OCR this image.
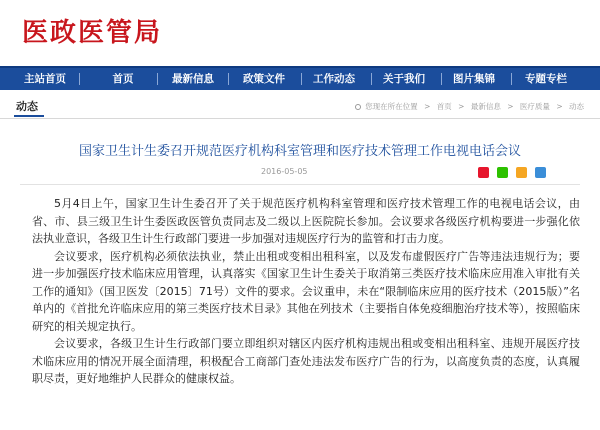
医政医管局
主站首页	首页	最新信息	政策文件	工作动态	关于我们	图片集锦	专题专栏
动态	您现在所在位置 > 首页 > 最新信息 > 医疗质量 > 动态
国家卫生计生委召开规范医疗机构科室管理和医疗技术管理工作电视电话会议
2016-05-05

5月4日上午，国家卫生计生委召开了关于规范医疗机构科室管理和医疗技术管理工作的电视电话会议，由省、市、县三级卫生计生委医政医管负责同志及二级以上医院院长参加。会议要求各级医疗机构要进一步强化依法执业意识，各级卫生计生行政部门要进一步加强对违规医疗行为的监管和打击力度。

会议要求，医疗机构必须依法执业，禁止出租或变相出租科室，以及发布虚假医疗广告等违法违规行为；要进一步加强医疗技术临床应用管理，认真落实《国家卫生计生委关于取消第三类医疗技术临床应用准入审批有关工作的通知》（国卫医发〔2015〕71号）文件的要求。会议重申，未在“限制临床应用的医疗技术（2015版）”名单内的《首批允许临床应用的第三类医疗技术目录》其他在列技术（主要指自体免疫细胞治疗技术等），按照临床研究的相关规定执行。

会议要求，各级卫生计生行政部门要立即组织对辖区内医疗机构违规出租或变相出租科室、违规开展医疗技术临床应用的情况开展全面清理，积极配合工商部门查处违法发布医疗广告的行为，以高度负责的态度，认真履职尽责，更好地维护人民群众的健康权益。
